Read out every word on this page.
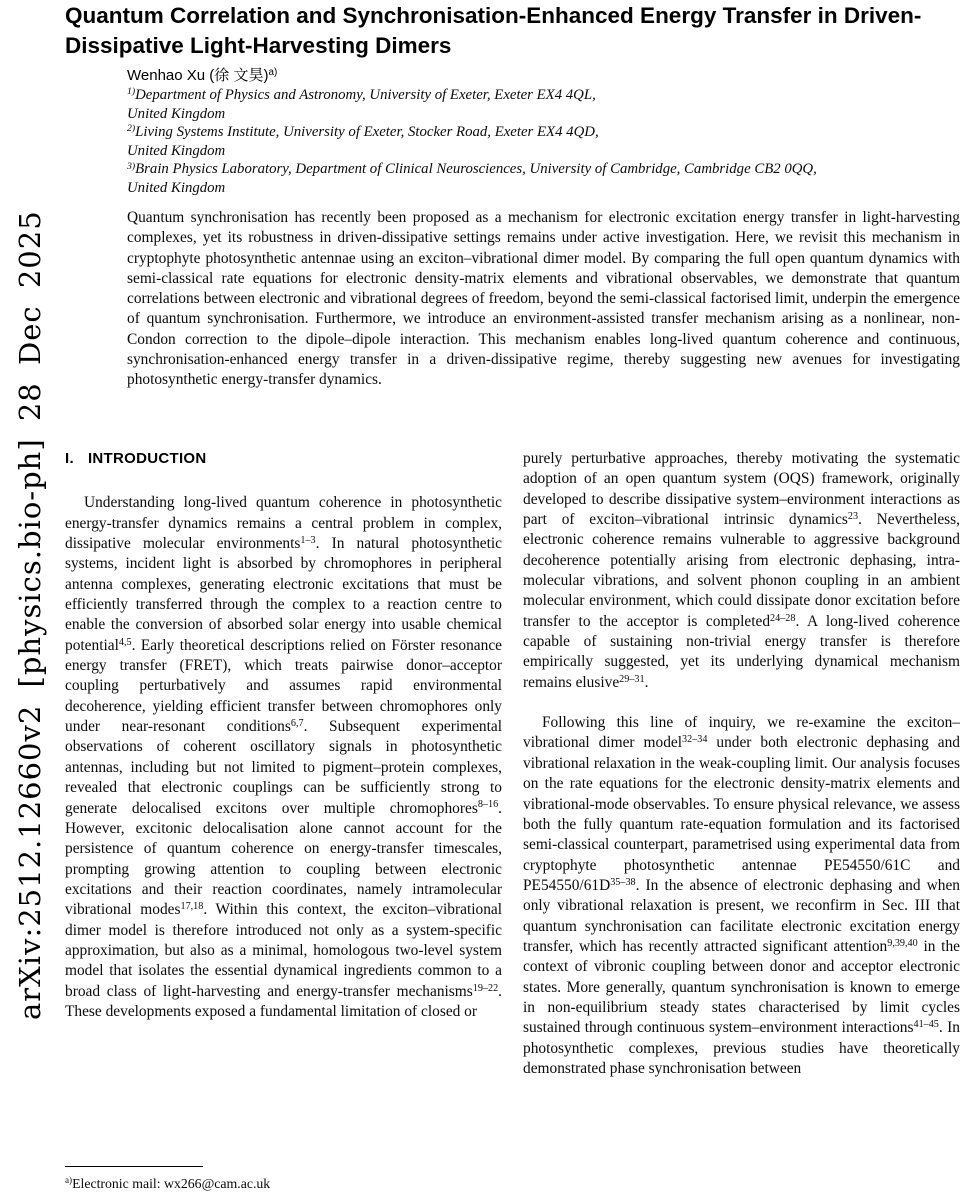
arXiv:2512.12660v2 [physics.bio-ph] 28 Dec 2025
Quantum Correlation and Synchronisation-Enhanced Energy Transfer in Driven-Dissipative Light-Harvesting Dimers
Wenhao Xu (徐 文昊)$^{a)}$
$^{1)}$Department of Physics and Astronomy, University of Exeter, Exeter EX4 4QL,
United Kingdom
$^{2)}$Living Systems Institute, University of Exeter, Stocker Road, Exeter EX4 4QD,
United Kingdom
$^{3)}$Brain Physics Laboratory, Department of Clinical Neurosciences, University of Cambridge, Cambridge CB2 0QQ,
United Kingdom
Quantum synchronisation has recently been proposed as a mechanism for electronic excitation energy transfer in light-harvesting complexes, yet its robustness in driven-dissipative settings remains under active investigation. Here, we revisit this mechanism in cryptophyte photosynthetic antennae using an exciton–vibrational dimer model. By comparing the full open quantum dynamics with semi-classical rate equations for electronic density-matrix elements and vibrational observables, we demonstrate that quantum correlations between electronic and vibrational degrees of freedom, beyond the semi-classical factorised limit, underpin the emergence of quantum synchronisation. Furthermore, we introduce an environment-assisted transfer mechanism arising as a nonlinear, non-Condon correction to the dipole–dipole interaction. This mechanism enables long-lived quantum coherence and continuous, synchronisation-enhanced energy transfer in a driven-dissipative regime, thereby suggesting new avenues for investigating photosynthetic energy-transfer dynamics.
I. INTRODUCTION

Understanding long-lived quantum coherence in photosynthetic energy-transfer dynamics remains a central problem in complex, dissipative molecular environments$^{1-3}$. In natural photosynthetic systems, incident light is absorbed by chromophores in peripheral antenna complexes, generating electronic excitations that must be efficiently transferred through the complex to a reaction centre to enable the conversion of absorbed solar energy into usable chemical potential$^{4,5}$. Early theoretical descriptions relied on Förster resonance energy transfer (FRET), which treats pairwise donor–acceptor coupling perturbatively and assumes rapid environmental decoherence, yielding efficient transfer between chromophores only under near-resonant conditions$^{6,7}$. Subsequent experimental observations of coherent oscillatory signals in photosynthetic antennas, including but not limited to pigment–protein complexes, revealed that electronic couplings can be sufficiently strong to generate delocalised excitons over multiple chromophores$^{8-16}$. However, excitonic delocalisation alone cannot account for the persistence of quantum coherence on energy-transfer timescales, prompting growing attention to coupling between electronic excitations and their reaction coordinates, namely intramolecular vibrational modes$^{17,18}$. Within this context, the exciton–vibrational dimer model is therefore introduced not only as a system-specific approximation, but also as a minimal, homologous two-level system model that isolates the essential dynamical ingredients common to a broad class of light-harvesting and energy-transfer mechanisms$^{19-22}$. These developments exposed a fundamental limitation of closed or

purely perturbative approaches, thereby motivating the systematic adoption of an open quantum system (OQS) framework, originally developed to describe dissipative system–environment interactions as part of exciton–vibrational intrinsic dynamics$^{23}$. Nevertheless, electronic coherence remains vulnerable to aggressive background decoherence potentially arising from electronic dephasing, intra-molecular vibrations, and solvent phonon coupling in an ambient molecular environment, which could dissipate donor excitation before transfer to the acceptor is completed$^{24-28}$. A long-lived coherence capable of sustaining non-trivial energy transfer is therefore empirically suggested, yet its underlying dynamical mechanism remains elusive$^{29-31}$.

Following this line of inquiry, we re-examine the exciton–vibrational dimer model$^{32-34}$ under both electronic dephasing and vibrational relaxation in the weak-coupling limit. Our analysis focuses on the rate equations for the electronic density-matrix elements and vibrational-mode observables. To ensure physical relevance, we assess both the fully quantum rate-equation formulation and its factorised semi-classical counterpart, parametrised using experimental data from cryptophyte photosynthetic antennae PE54550/61C and $PE54550/61D^{35-38}$. In the absence of electronic dephasing and when only vibrational relaxation is present, we reconfirm in Sec. III that quantum synchronisation can facilitate electronic excitation energy transfer, which has recently attracted significant attention$^{9,39,40}$ in the context of vibronic coupling between donor and acceptor electronic states. More generally, quantum synchronisation is known to emerge in non-equilibrium steady states characterised by limit cycles sustained through continuous system–environment interactions$^{41-45}$. In photosynthetic complexes, previous studies have theoretically demonstrated phase synchronisation between

$^{a)}$Electronic mail: wx266@cam.ac.uk
